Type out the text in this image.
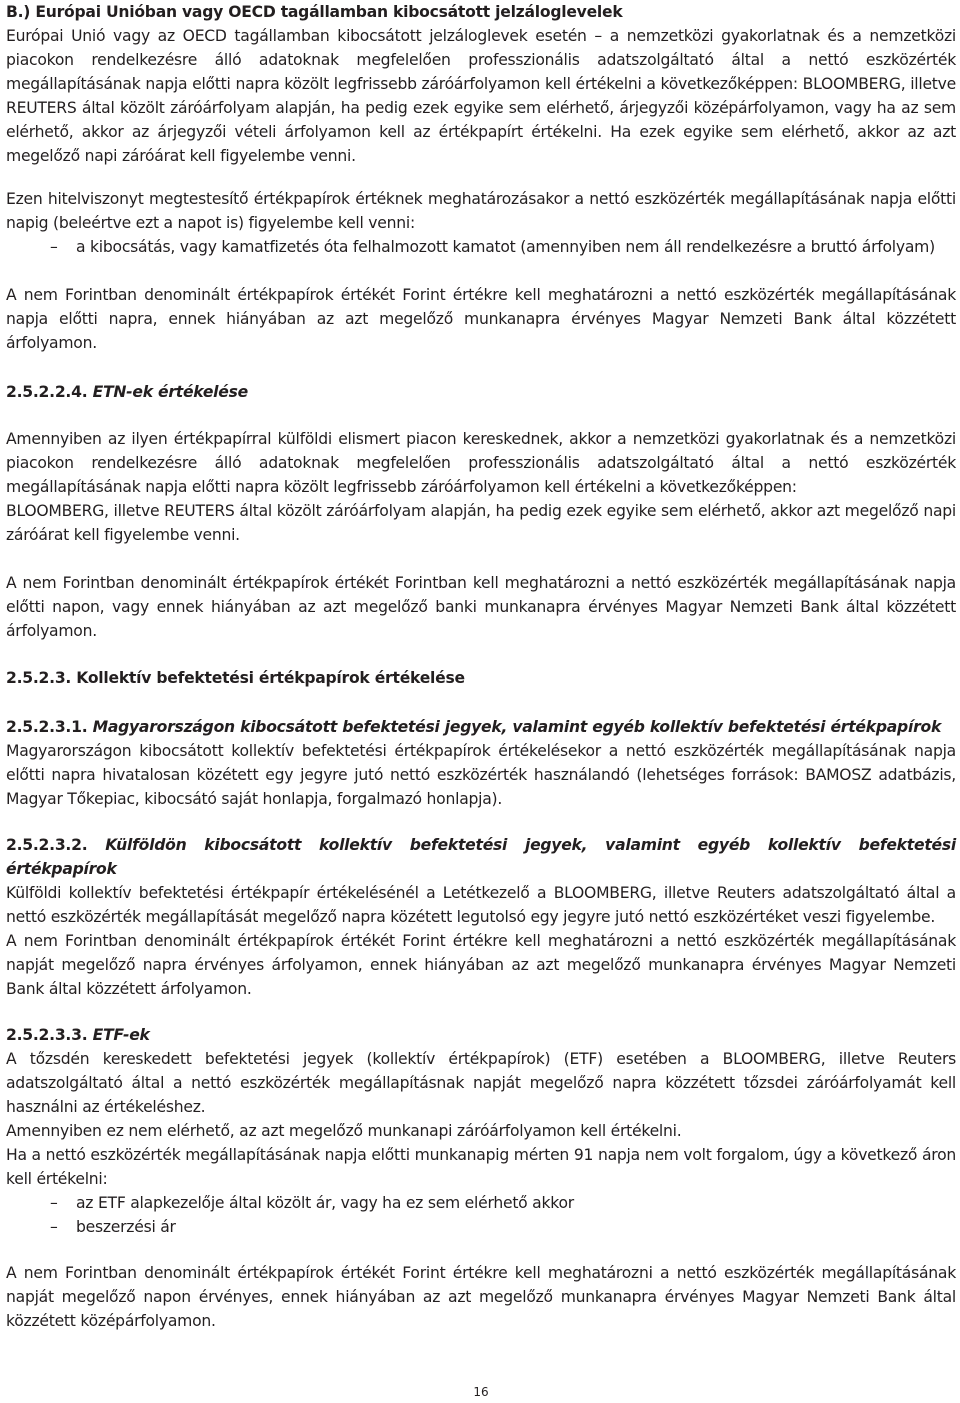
B.) Európai Unióban vagy OECD tagállamban kibocsátott jelzáloglevelek

Európai Unió vagy az OECD tagállamban kibocsátott jelzáloglevek esetén – a nemzetközi gyakorlatnak és a nemzetközi piacokon rendelkezésre álló adatoknak megfelelően professzionális adatszolgáltató által a nettó eszközérték megállapításának napja előtti napra közölt legfrissebb záróárfolyamon kell értékelni a következőképpen: BLOOMBERG, illetve REUTERS által közölt záróárfolyam alapján, ha pedig ezek egyike sem elérhető, árjegyzői középárfolyamon, vagy ha az sem elérhető, akkor az árjegyzői vételi árfolyamon kell az értékpapírt értékelni. Ha ezek egyike sem elérhető, akkor az azt megelőző napi záróárat kell figyelembe venni.

Ezen hitelviszonyt megtestesítő értékpapírok értéknek meghatározásakor a nettó eszközérték megállapításának napja előtti napig (beleértve ezt a napot is) figyelembe kell venni:

– a kibocsátás, vagy kamatfizetés óta felhalmozott kamatot (amennyiben nem áll rendelkezésre a bruttó árfolyam)

A nem Forintban denominált értékpapírok értékét Forint értékre kell meghatározni a nettó eszközérték megállapításának napja előtti napra, ennek hiányában az azt megelőző munkanapra érvényes Magyar Nemzeti Bank által közzétett árfolyamon.

2.5.2.2.4. ETN-ek értékelése

Amennyiben az ilyen értékpapírral külföldi elismert piacon kereskednek, akkor a nemzetközi gyakorlatnak és a nemzetközi piacokon rendelkezésre álló adatoknak megfelelően professzionális adatszolgáltató által a nettó eszközérték megállapításának napja előtti napra közölt legfrissebb záróárfolyamon kell értékelni a következőképpen:

BLOOMBERG, illetve REUTERS által közölt záróárfolyam alapján, ha pedig ezek egyike sem elérhető, akkor azt megelőző napi záróárat kell figyelembe venni.

A nem Forintban denominált értékpapírok értékét Forintban kell meghatározni a nettó eszközérték megállapításának napja előtti napon, vagy ennek hiányában az azt megelőző banki munkanapra érvényes Magyar Nemzeti Bank által közzétett árfolyamon.

2.5.2.3. Kollektív befektetési értékpapírok értékelése

2.5.2.3.1. Magyarországon kibocsátott befektetési jegyek, valamint egyéb kollektív befektetési értékpapírok

Magyarországon kibocsátott kollektív befektetési értékpapírok értékelésekor a nettó eszközérték megállapításának napja előtti napra hivatalosan közétett egy jegyre jutó nettó eszközérték használandó (lehetséges források: BAMOSZ adatbázis, Magyar Tőkepiac, kibocsátó saját honlapja, forgalmazó honlapja).

2.5.2.3.2. Külföldön kibocsátott kollektív befektetési jegyek, valamint egyéb kollektív befektetési értékpapírok

Külföldi kollektív befektetési értékpapír értékelésénél a Letétkezelő a BLOOMBERG, illetve Reuters adatszolgáltató által a nettó eszközérték megállapítását megelőző napra közétett legutolsó egy jegyre jutó nettó eszközértéket veszi figyelembe.

A nem Forintban denominált értékpapírok értékét Forint értékre kell meghatározni a nettó eszközérték megállapításának napját megelőző napra érvényes árfolyamon, ennek hiányában az azt megelőző munkanapra érvényes Magyar Nemzeti Bank által közzétett árfolyamon.

2.5.2.3.3. ETF-ek

A tőzsdén kereskedett befektetési jegyek (kollektív értékpapírok) (ETF) esetében a BLOOMBERG, illetve Reuters adatszolgáltató által a nettó eszközérték megállapításnak napját megelőző napra közzétett tőzsdei záróárfolyamát kell használni az értékeléshez.

Amennyiben ez nem elérhető, az azt megelőző munkanapi záróárfolyamon kell értékelni.

Ha a nettó eszközérték megállapításának napja előtti munkanapig mérten 91 napja nem volt forgalom, úgy a következő áron kell értékelni:

– az ETF alapkezelője által közölt ár, vagy ha ez sem elérhető akkor

– beszerzési ár

A nem Forintban denominált értékpapírok értékét Forint értékre kell meghatározni a nettó eszközérték megállapításának napját megelőző napon érvényes, ennek hiányában az azt megelőző munkanapra érvényes Magyar Nemzeti Bank által közzétett középárfolyamon.

16
